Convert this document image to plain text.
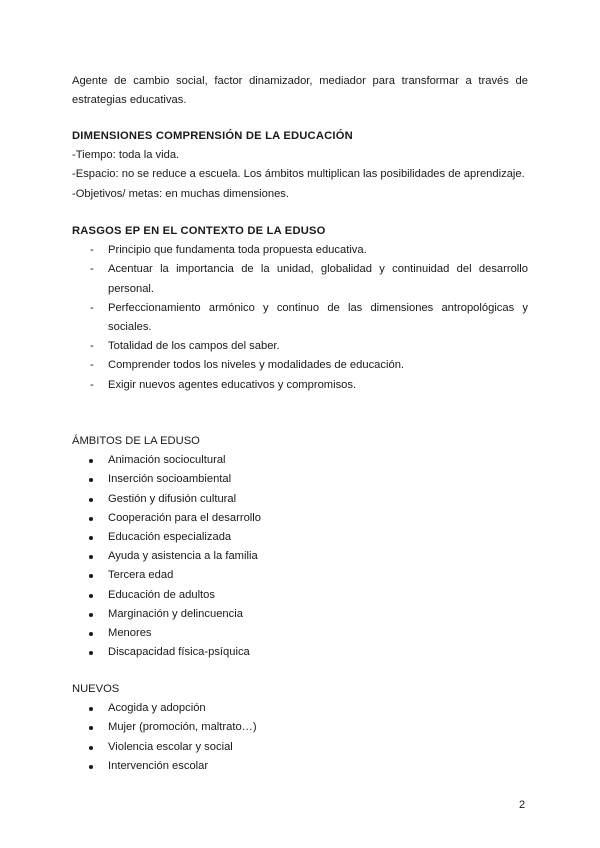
Agente de cambio social, factor dinamizador, mediador para transformar a través de estrategias educativas.

DIMENSIONES COMPRENSIÓN DE LA EDUCACIÓN

-Tiempo: toda la vida.

-Espacio: no se reduce a escuela. Los ámbitos multiplican las posibilidades de aprendizaje.

-Objetivos/ metas: en muchas dimensiones.

RASGOS EP EN EL CONTEXTO DE LA EDUSO

- Principio que fundamenta toda propuesta educativa.
- Acentuar la importancia de la unidad, globalidad y continuidad del desarrollo personal.
- Perfeccionamiento armónico y continuo de las dimensiones antropológicas y sociales.
- Totalidad de los campos del saber.
- Comprender todos los niveles y modalidades de educación.
- Exigir nuevos agentes educativos y compromisos.

ÁMBITOS DE LA EDUSO

Animación sociocultural
Inserción socioambiental
Gestión y difusión cultural
Cooperación para el desarrollo
Educación especializada
Ayuda y asistencia a la familia
Tercera edad
Educación de adultos
Marginación y delincuencia
Menores
Discapacidad física-psíquica

NUEVOS

Acogida y adopción
Mujer (promoción, maltrato…)
Violencia escolar y social
Intervención escolar
2
